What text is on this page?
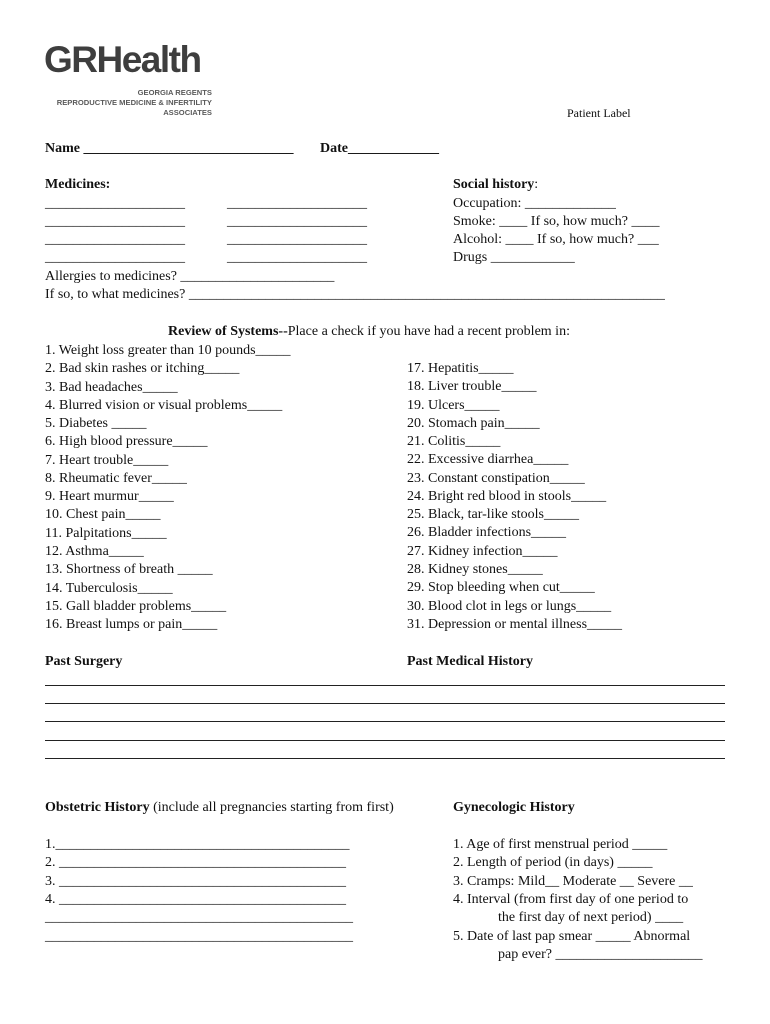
GRHealth
GEORGIA REGENTS
REPRODUCTIVE MEDICINE & INFERTILITY
ASSOCIATES	Patient Label
Name ______________________________ Date_____________
Medicines:
____________________	____________________
____________________	____________________
____________________	____________________
____________________	____________________
Allergies to medicines? ______________________
If so, to what medicines? ____________________________________________________________________
Social history:
Occupation: _____________
Smoke: ____ If so, how much? ____
Alcohol: ____ If so, how much? ___
Drugs ____________
Review of Systems--Place a check if you have had a recent problem in:
1. Weight loss greater than 10 pounds_____
2. Bad skin rashes or itching_____
3. Bad headaches_____
4. Blurred vision or visual problems_____
5. Diabetes _____
6. High blood pressure_____
7. Heart trouble_____
8. Rheumatic fever_____
9. Heart murmur_____
10. Chest pain_____
11. Palpitations_____
12. Asthma_____
13. Shortness of breath _____
14. Tuberculosis_____
15. Gall bladder problems_____
16. Breast lumps or pain_____
17. Hepatitis_____
18. Liver trouble_____
19. Ulcers_____
20. Stomach pain_____
21. Colitis_____
22. Excessive diarrhea_____
23. Constant constipation_____
24. Bright red blood in stools_____
25. Black, tar-like stools_____
26. Bladder infections_____
27. Kidney infection_____
28. Kidney stones_____
29. Stop bleeding when cut_____
30. Blood clot in legs or lungs_____
31. Depression or mental illness_____
Past Surgery	Past Medical History
Obstetric History (include all pregnancies starting from first)
1.__________________________________________
2. _________________________________________
3. _________________________________________
4. _________________________________________
____________________________________________
____________________________________________
Gynecologic History
1. Age of first menstrual period _____
2. Length of period (in days) _____
3. Cramps: Mild__ Moderate __ Severe __
4. Interval (from first day of one period to
the first day of next period) ____
5. Date of last pap smear _____ Abnormal
pap ever? _____________________
